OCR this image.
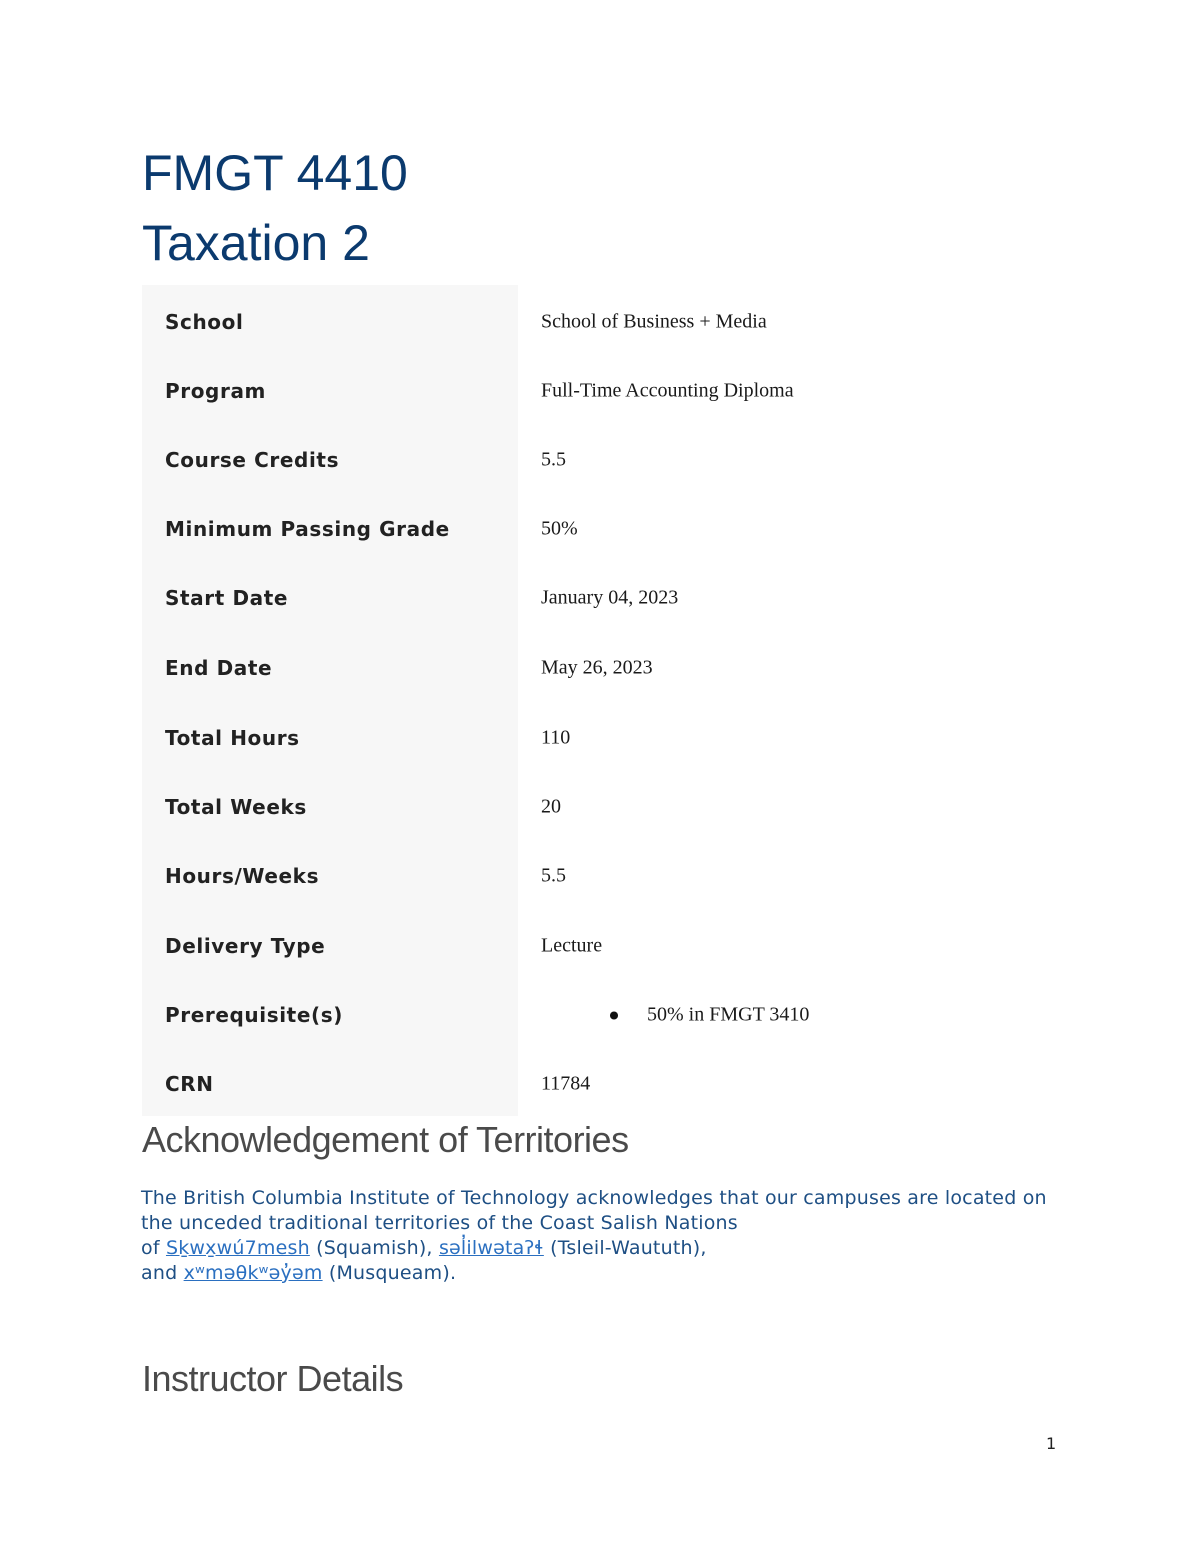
FMGT 4410
Taxation 2
School	School of Business + Media
Program	Full-Time Accounting Diploma
Course Credits	5.5
Minimum Passing Grade	50%
Start Date	January 04, 2023
End Date	May 26, 2023
Total Hours	110
Total Weeks	20
Hours/Weeks	5.5
Delivery Type	Lecture
Prerequisite(s)	50% in FMGT 3410
CRN	11784
Acknowledgement of Territories

The British Columbia Institute of Technology acknowledges that our campuses are located on the unceded traditional territories of the Coast Salish Nations
of Sḵwx̱wú7mesh (Squamish), səl̓ilwətaʔɬ (Tsleil-Waututh),
and xʷməθkʷəy̓əm (Musqueam).

Instructor Details
1
